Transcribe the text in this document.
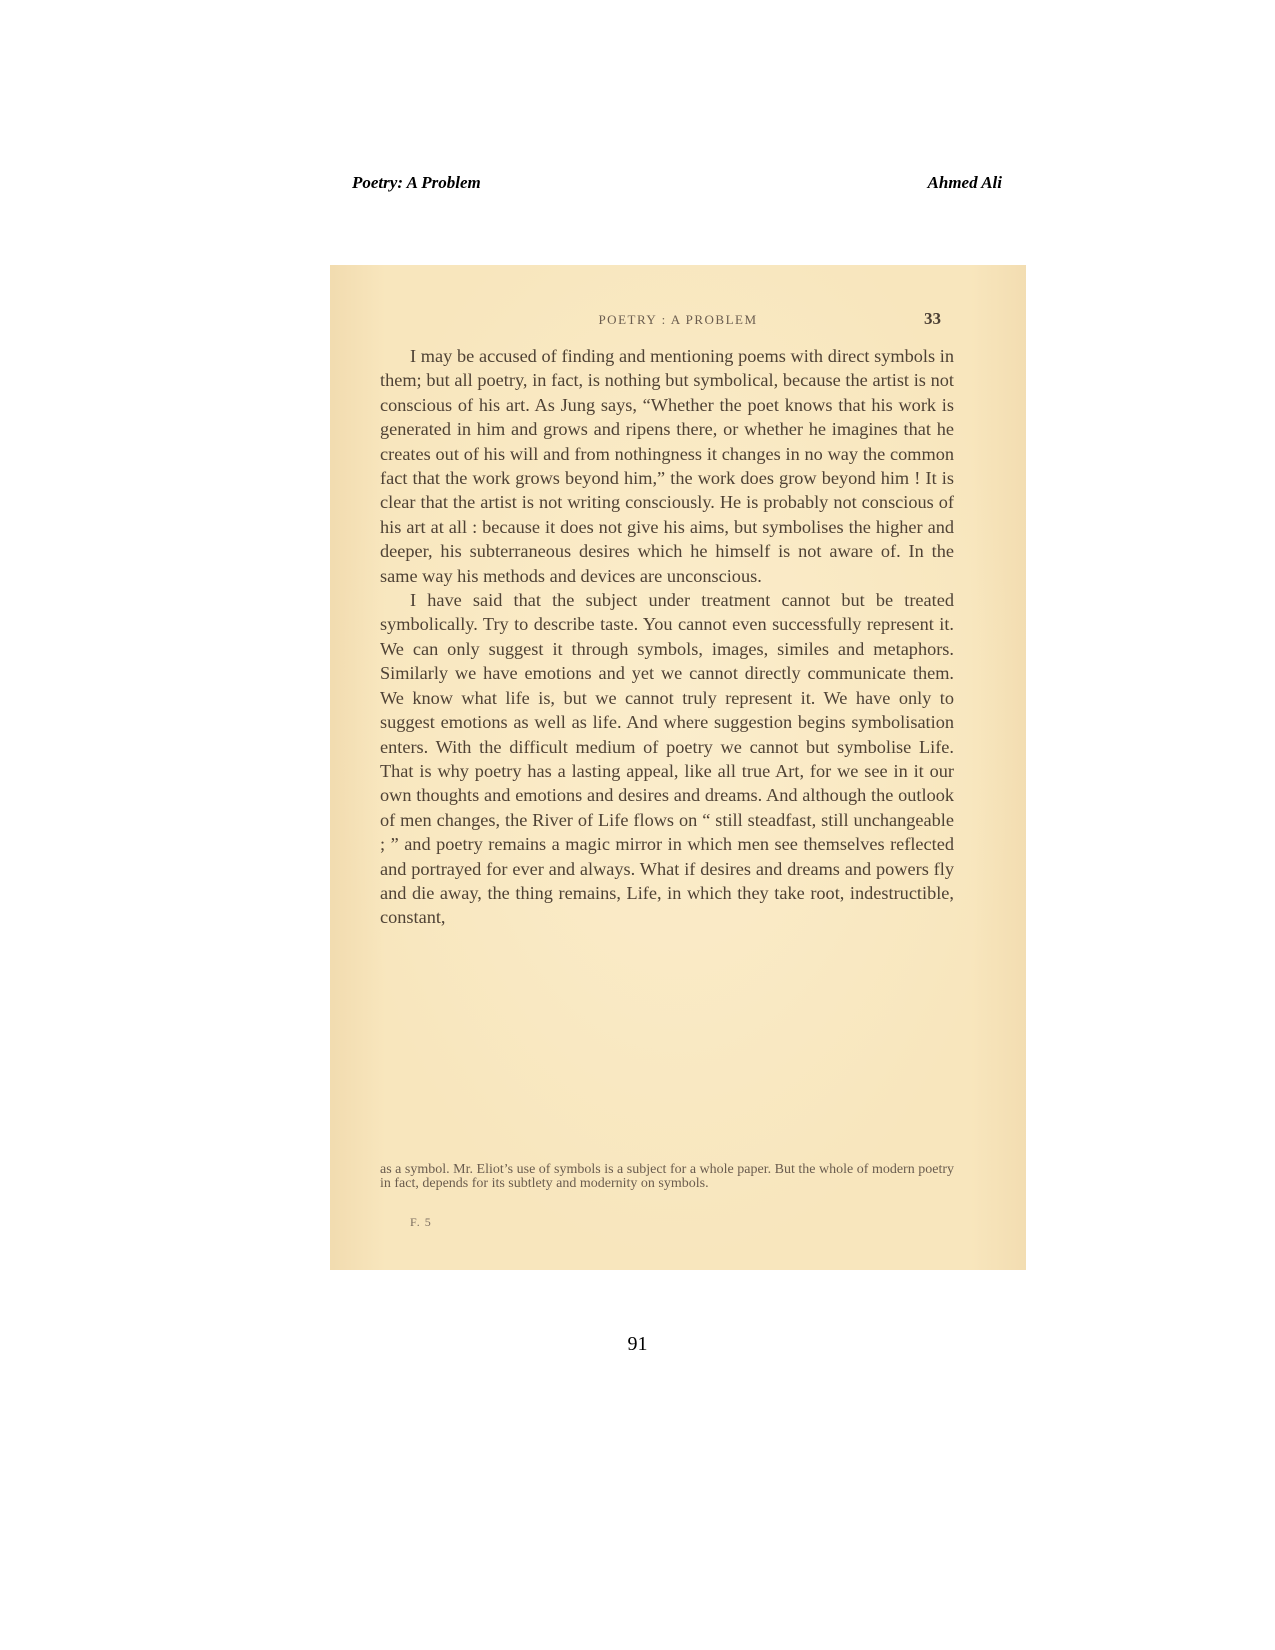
Poetry: A Problem	Ahmed Ali
POETRY : A PROBLEM	33

I may be accused of finding and mentioning poems with direct symbols in them; but all poetry, in fact, is nothing but symbolical, because the artist is not conscious of his art. As Jung says, “Whether the poet knows that his work is generated in him and grows and ripens there, or whether he imagines that he creates out of his will and from nothingness it changes in no way the common fact that the work grows beyond him,” the work does grow beyond him ! It is clear that the artist is not writing consciously. He is probably not conscious of his art at all : because it does not give his aims, but symbolises the higher and deeper, his subterraneous desires which he himself is not aware of. In the same way his methods and devices are unconscious.

I have said that the subject under treatment cannot but be treated symbolically. Try to describe taste. You cannot even successfully represent it. We can only suggest it through symbols, images, similes and metaphors. Similarly we have emotions and yet we cannot directly communicate them. We know what life is, but we cannot truly represent it. We have only to suggest emotions as well as life. And where suggestion begins symbolisation enters. With the difficult medium of poetry we cannot but symbolise Life. That is why poetry has a lasting appeal, like all true Art, for we see in it our own thoughts and emotions and desires and dreams. And although the outlook of men changes, the River of Life flows on “ still steadfast, still unchangeable ; ” and poetry remains a magic mirror in which men see themselves reflected and portrayed for ever and always. What if desires and dreams and powers fly and die away, the thing remains, Life, in which they take root, indestructible, constant,

as a symbol. Mr. Eliot’s use of symbols is a subject for a whole paper. But the whole of modern poetry in fact, depends for its subtlety and modernity on symbols.
F. 5
91
